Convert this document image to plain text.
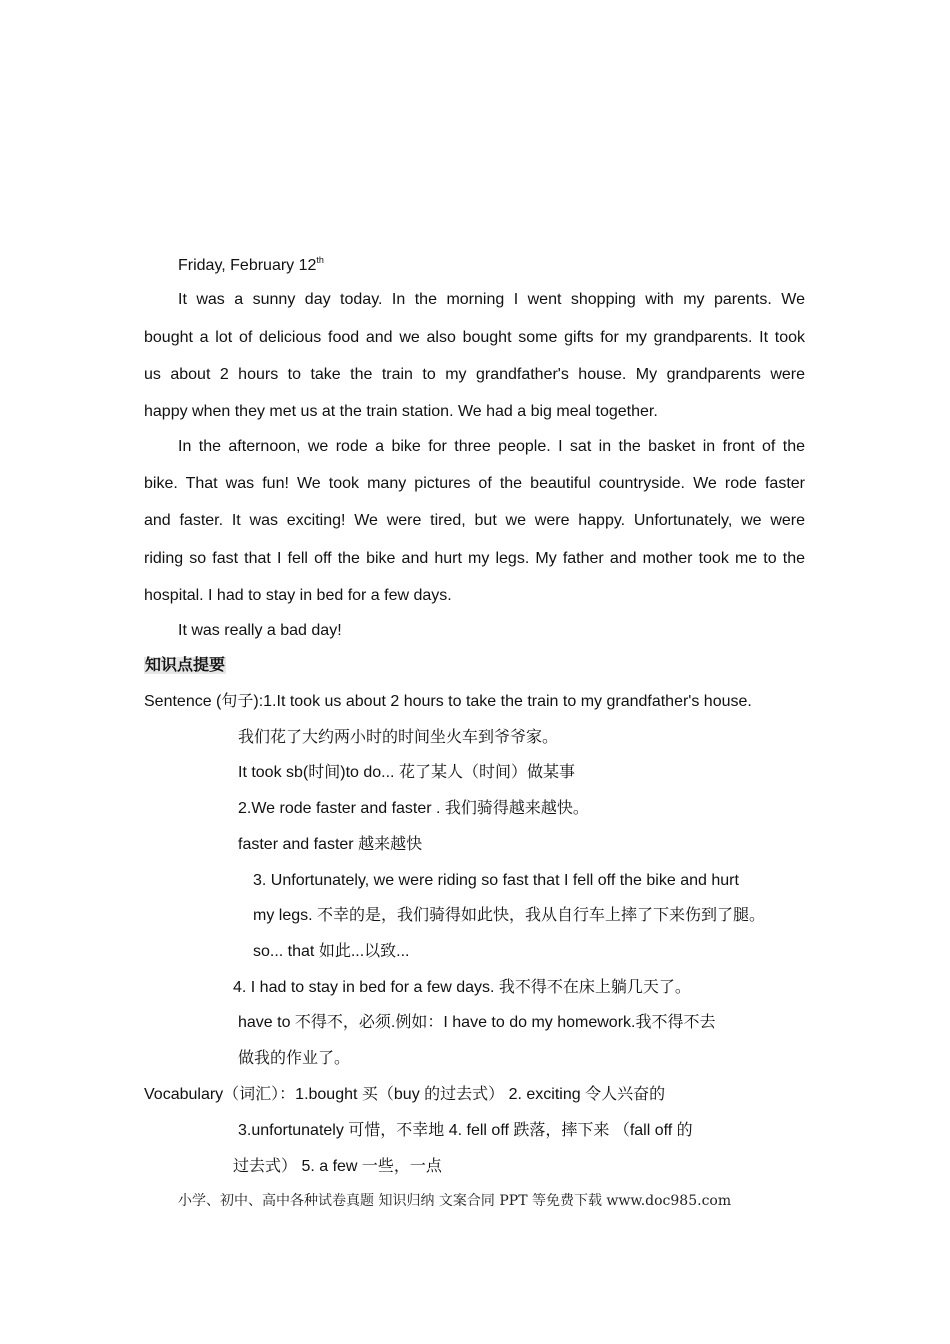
Friday, February 12th
It was a sunny day today. In the morning I went shopping with my parents. We
bought a lot of delicious food and we also bought some gifts for my grandparents. It took
us about 2 hours to take the train to my grandfather's house. My grandparents were
happy when they met us at the train station. We had a big meal together.
In the afternoon, we rode a bike for three people. I sat in the basket in front of the
bike. That was fun! We took many pictures of the beautiful countryside. We rode faster
and faster. It was exciting! We were tired, but we were happy. Unfortunately, we were
riding so fast that I fell off the bike and hurt my legs. My father and mother took me to the
hospital. I had to stay in bed for a few days.
It was really a bad day!
知识点提要
Sentence (句子):1.It took us about 2 hours to take the train to my grandfather's house.
我们花了大约两小时的时间坐火车到爷爷家。
It took sb(时间)to do... 花了某人（时间）做某事
2.We rode faster and faster . 我们骑得越来越快。
faster and faster 越来越快
3. Unfortunately, we were riding so fast that I fell off the bike and hurt
my legs. 不幸的是，我们骑得如此快，我从自行车上摔了下来伤到了腿。
so... that 如此...以致...
4. I had to stay in bed for a few days. 我不得不在床上躺几天了。
have to 不得不，必须.例如：I have to do my homework.我不得不去
做我的作业了。
Vocabulary（词汇）：1.bought 买（buy 的过去式） 2. exciting 令人兴奋的
3.unfortunately 可惜，不幸地 4. fell off 跌落，摔下来 （fall off 的
过去式） 5. a few 一些，一点
小学、初中、高中各种试卷真题 知识归纳 文案合同 PPT 等免费下载 www.doc985.com
